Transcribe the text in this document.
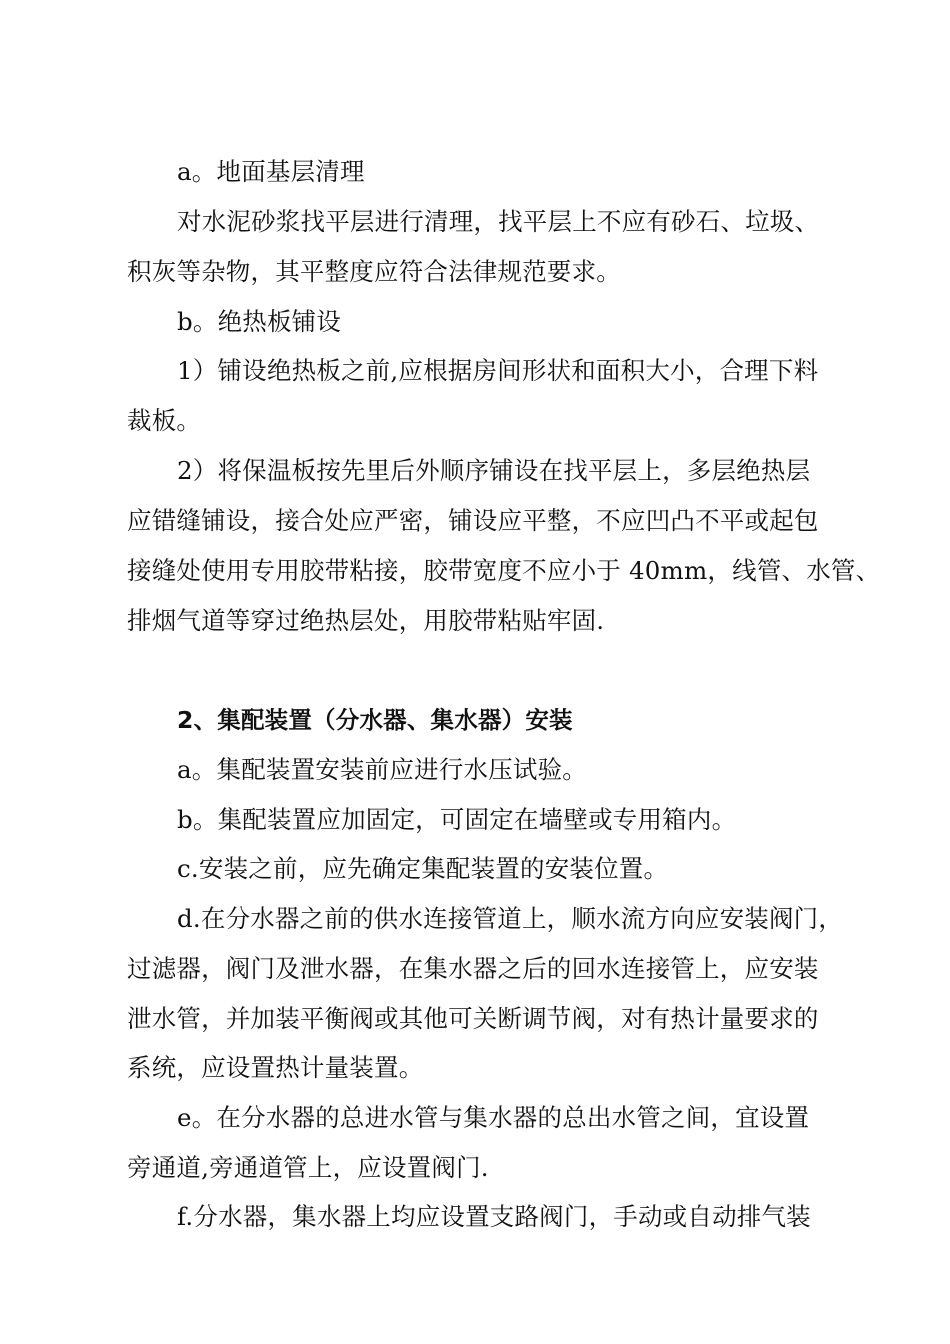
a。地面基层清理
对水泥砂浆找平层进行清理，找平层上不应有砂石、垃圾、
积灰等杂物，其平整度应符合法律规范要求。
b。绝热板铺设
1）铺设绝热板之前,应根据房间形状和面积大小，合理下料
裁板。
2）将保温板按先里后外顺序铺设在找平层上，多层绝热层
应错缝铺设，接合处应严密，铺设应平整，不应凹凸不平或起包
接缝处使用专用胶带粘接，胶带宽度不应小于 40mm，线管、水管、
排烟气道等穿过绝热层处，用胶带粘贴牢固.
2、集配装置（分水器、集水器）安装
a。集配装置安装前应进行水压试验。
b。集配装置应加固定，可固定在墙壁或专用箱内。
c.安装之前，应先确定集配装置的安装位置。
d.在分水器之前的供水连接管道上，顺水流方向应安装阀门，
过滤器，阀门及泄水器，在集水器之后的回水连接管上，应安装
泄水管，并加装平衡阀或其他可关断调节阀，对有热计量要求的
系统，应设置热计量装置。
e。在分水器的总进水管与集水器的总出水管之间，宜设置
旁通道,旁通道管上，应设置阀门.
f.分水器，集水器上均应设置支路阀门，手动或自动排气装
